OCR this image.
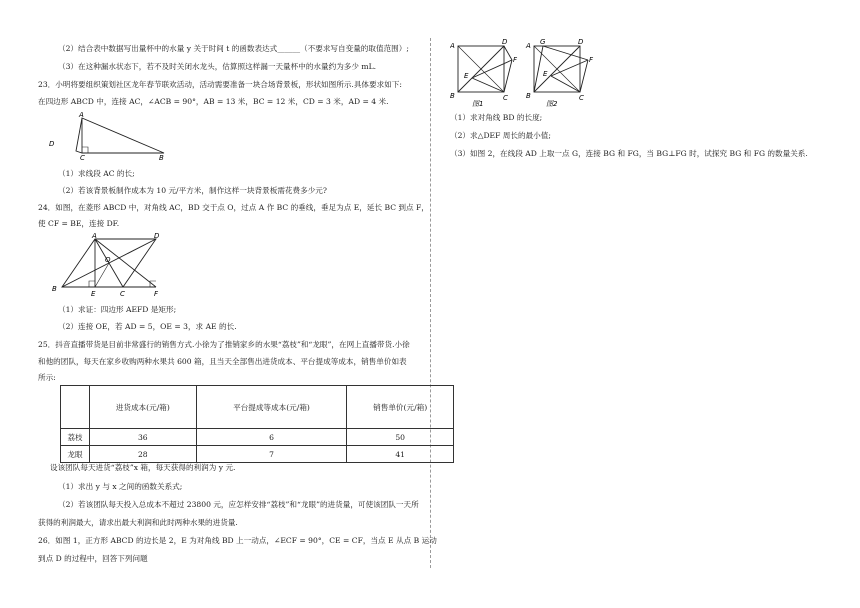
（2）结合表中数据写出量杯中的水量 y 关于时间 t 的函数表达式______（不要求写自变量的取值范围）;
（3）在这种漏水状态下，若不及时关闭水龙头，估算照这样漏一天量杯中的水量约为多少 mL.
23．小明将要组织策划社区龙年春节联欢活动，活动需要准备一块合场背景板，形状如图所示.具体要求如下:
在四边形 ABCD 中，连接 AC，∠ACB = 90°，AB = 13 米，BC = 12 米，CD = 3 米，AD = 4 米.
A
D
C	B
（1）求线段 AC 的长;
（2）若该背景板制作成本为 10 元/平方米，制作这样一块背景板需花费多少元?
24．如图，在菱形 ABCD 中，对角线 AC，BD 交于点 O，过点 A 作 BC 的垂线，垂足为点 E，延长 BC 到点 F，
使 CF = BE，连接 DF.
A	D
O
B
E	C	F
（1）求证：四边形 AEFD 是矩形;
（2）连接 OE，若 AD = 5，OE = 3，求 AE 的长.
25．抖音直播带货是目前非常盛行的销售方式.小徐为了推销家乡的水果“荔枝”和“龙眼”，在网上直播带货.小徐
和他的团队，每天在家乡收购两种水果共 600 箱，且当天全部售出进货成本、平台提成等成本，销售单价如表
所示:
	进货成本(元/箱)	平台提成等成本(元/箱)	销售单价(元/箱)
荔枝	36	6	50
龙眼	28	7	41
设该团队每天进货“荔枝”x 箱，每天获得的利润为 y 元.
（1）求出 y 与 x 之间的函数关系式;
（2）若该团队每天投入总成本不超过 23800 元，应怎样安排“荔枝”和“龙眼”的进货量，可使该团队一天所
获得的利润最大，请求出最大利润和此时两种水果的进货量.
26．如图 1，正方形 ABCD 的边长是 2，E 为对角线 BD 上一动点，∠ECF = 90°，CE = CF，当点 E 从点 B 运动
到点 D 的过程中，回答下列问题
A	D
E
F
B	C
图1
A G	D
E
F
B	C
图2
（1）求对角线 BD 的长度;
（2）求△DEF 周长的最小值;
（3）如图 2，在线段 AD 上取一点 G，连接 BG 和 FG，当 BG⊥FG 时，试探究 BG 和 FG 的数量关系.
